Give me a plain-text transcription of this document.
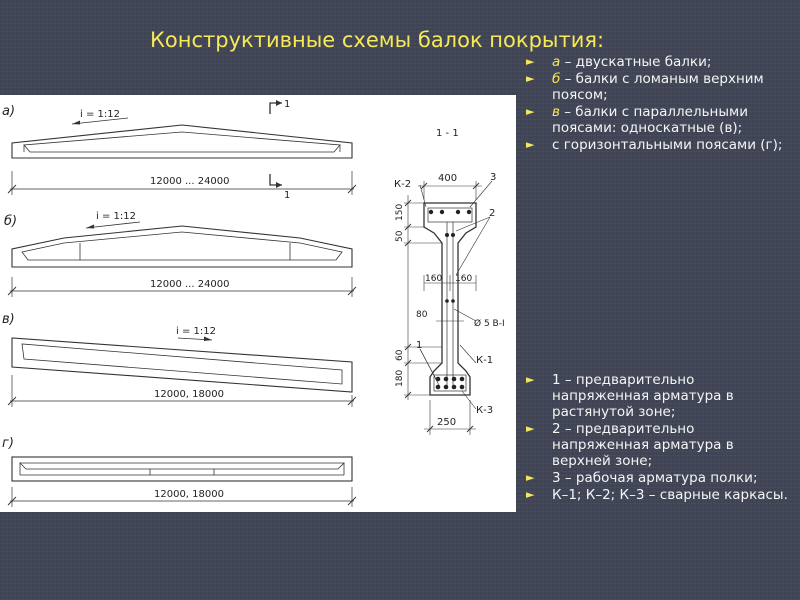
Конструктивные схемы балок покрытия:
а)
б)
в)
г)
i = 1:12
i = 1:12
i = 1:12
12000 ... 24000
12000 ... 24000
12000, 18000
12000, 18000
1
1
1 - 1
400
К-2
3
2
160 160
80
Ø 5 В-I
К-1
К-3
1
250
150
50
60
180
► а – двускатные балки;
► б – балки с ломаным верхним поясом;
► в – балки с параллельными поясами: односкатные (в);
► с горизонтальными поясами (г);
► 1 – предварительно напряженная арматура в растянутой зоне;
► 2 – предварительно напряженная арматура в верхней зоне;
► 3 – рабочая арматура полки;
► К–1; К–2; К–3 – сварные каркасы.
